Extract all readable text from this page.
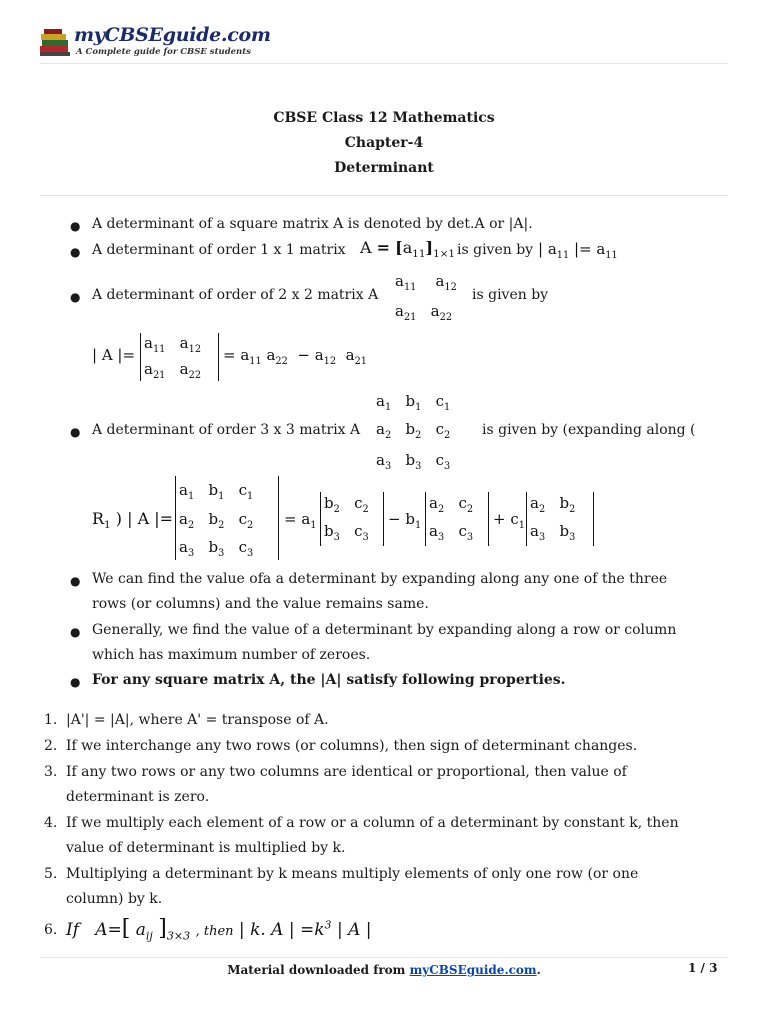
myCBSEguide.com
A Complete guide for CBSE students
CBSE Class 12 Mathematics
Chapter-4
Determinant
● A determinant of a square matrix A is denoted by det.A or |A|.
● A determinant of order 1 x 1 matrix $A = [a_{11}]_{1\times 1}$ is given by | $a_{11}$ |= $a_{11}$
● A determinant of order of 2 x 2 matrix A
$a_{11}$    $a_{12}$
$a_{21}$   $a_{22}$
is given by
| A |=
$a_{11}$   $a_{12}$
$a_{21}$   $a_{22}$
= $a_{11}$ $a_{22} - a_{12}$  $a_{21}$
$a_1$   $b_1$   $c_1$
● A determinant of order 3 x 3 matrix A $a_2$   $b_2$   $c_2$ is given by (expanding along (
$a_3$   $b_3$   $c_3$
$R_1$ ) | A |=
$a_1$   $b_1$   $c_1$
$a_2$   $b_2$   $c_2$
$a_3$   $b_3$   $c_3$
= $a_1$
$b_2$   $c_2$
$b_3$   $c_3$
− $b_1$
$a_2$   $c_2$
$a_3$   $c_3$
+ $c_1$
$a_2$   $b_2$
$a_3$   $b_3$
● We can find the value ofa a determinant by expanding along any one of the three
rows (or columns) and the value remains same.
● Generally, we find the value of a determinant by expanding along a row or column
which has maximum number of zeroes.
● For any square matrix A, the |A| satisfy following properties.
1. |A'| = |A|, where A' = transpose of A.
2. If we interchange any two rows (or columns), then sign of determinant changes.
3. If any two rows or any two columns are identical or proportional, then value of
determinant is zero.
4. If we multiply each element of a row or a column of a determinant by constant k, then
value of determinant is multiplied by k.
5. Multiplying a determinant by k means multiply elements of only one row (or one
column) by k.
6. If   A=[ $a_{ij}$ ]$_{3\times 3}$ , then | k. A | $=k^3$ | A |
Material downloaded from myCBSEguide.com.	1 / 3
